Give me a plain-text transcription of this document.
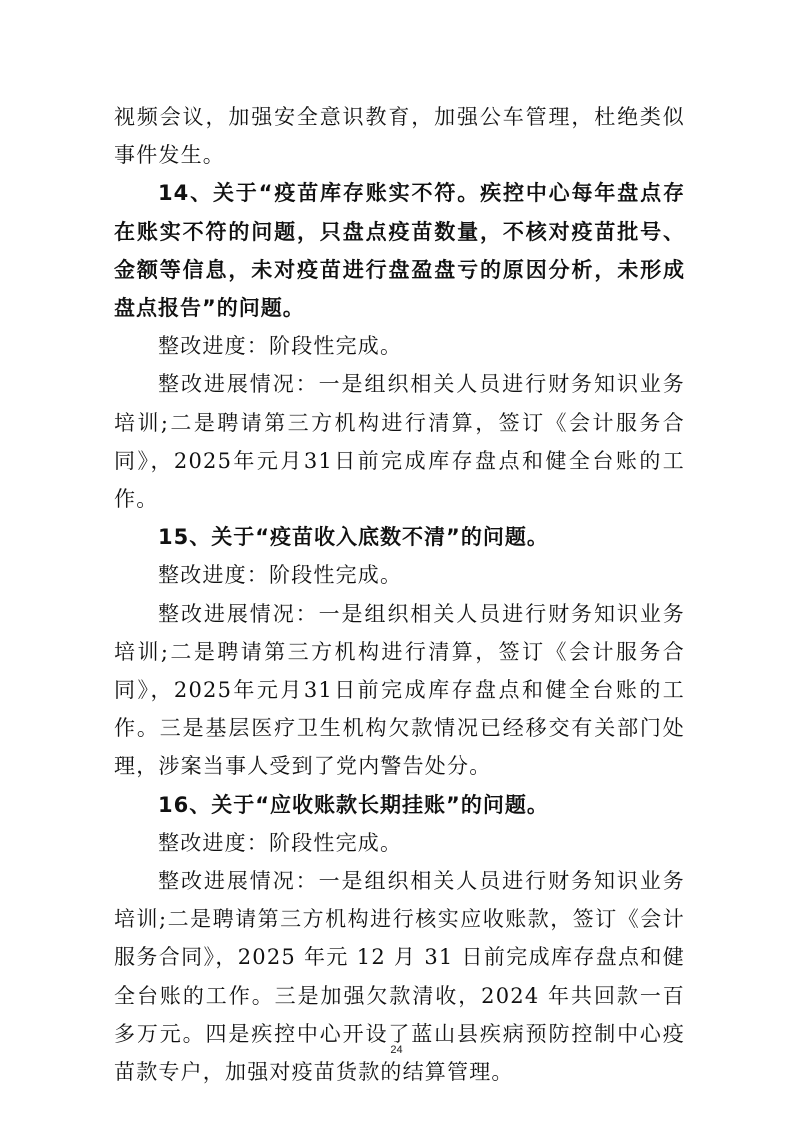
视频会议，加强安全意识教育，加强公车管理，杜绝类似事件发生。

14、关于“疫苗库存账实不符。疾控中心每年盘点存在账实不符的问题，只盘点疫苗数量，不核对疫苗批号、金额等信息，未对疫苗进行盘盈盘亏的原因分析，未形成盘点报告”的问题。

整改进度：阶段性完成。

整改进展情况：一是组织相关人员进行财务知识业务培训;二是聘请第三方机构进行清算，签订《会计服务合同》，2025年元月31日前完成库存盘点和健全台账的工作。

15、关于“疫苗收入底数不清”的问题。

整改进度：阶段性完成。

整改进展情况：一是组织相关人员进行财务知识业务培训;二是聘请第三方机构进行清算，签订《会计服务合同》，2025年元月31日前完成库存盘点和健全台账的工作。三是基层医疗卫生机构欠款情况已经移交有关部门处理，涉案当事人受到了党内警告处分。

16、关于“应收账款长期挂账”的问题。

整改进度：阶段性完成。

整改进展情况：一是组织相关人员进行财务知识业务培训;二是聘请第三方机构进行核实应收账款，签订《会计服务合同》，2025 年元 12 月 31 日前完成库存盘点和健全台账的工作。三是加强欠款清收，2024 年共回款一百多万元。四是疾控中心开设了蓝山县疾病预防控制中心疫苗款专户，加强对疫苗货款的结算管理。

24
